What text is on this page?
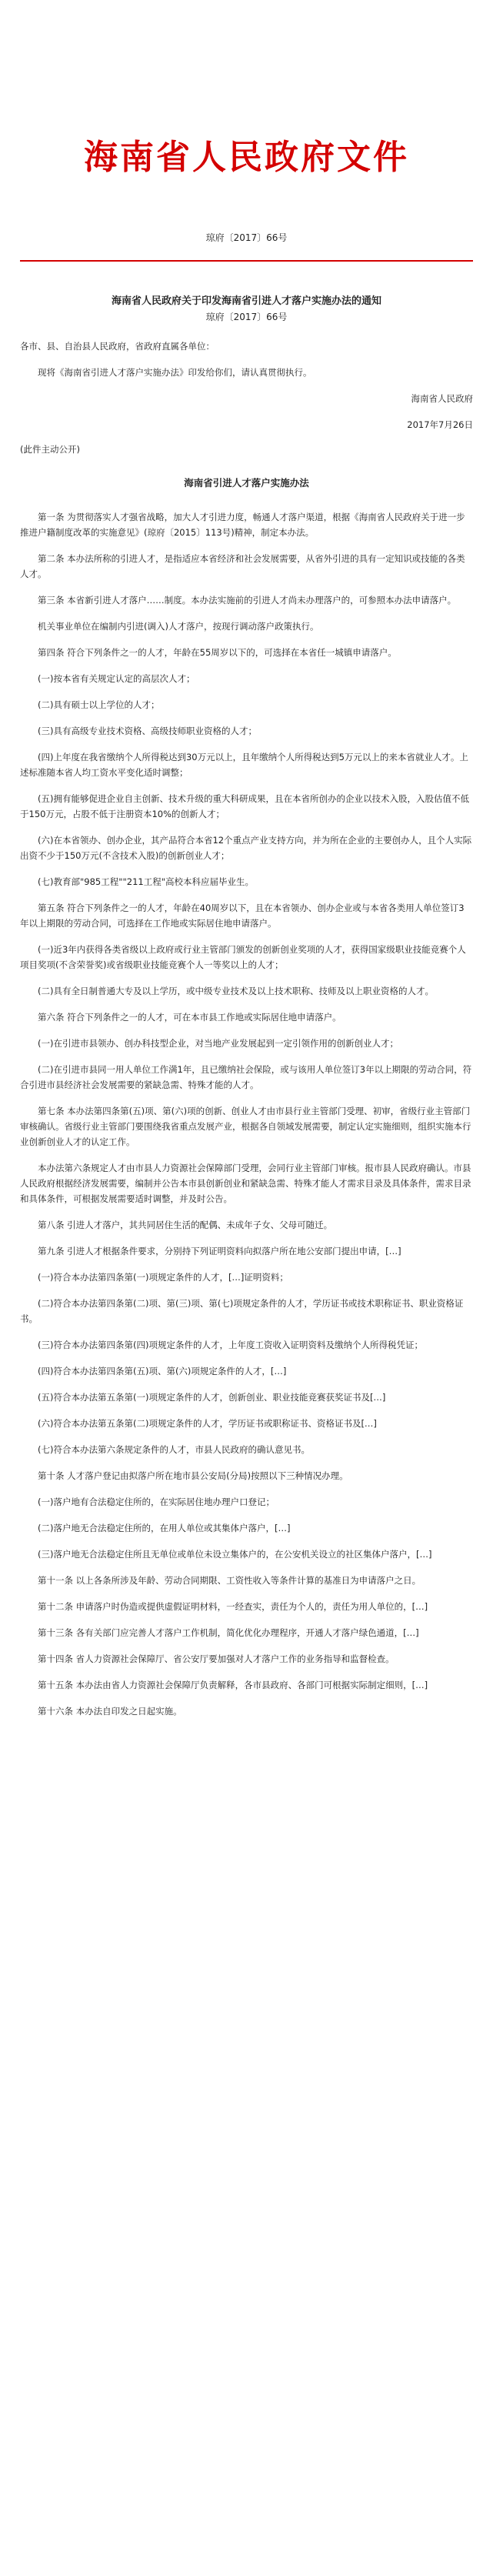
海南省人民政府文件
琼府〔2017〕66号
海南省人民政府关于印发海南省引进人才落户实施办法的通知
琼府〔2017〕66号

各市、县、自治县人民政府，省政府直属各单位：

现将《海南省引进人才落户实施办法》印发给你们，请认真贯彻执行。

海南省人民政府
2017年7月26日
(此件主动公开)
海南省引进人才落户实施办法

第一条 为贯彻落实人才强省战略，加大人才引进力度，畅通人才落户渠道，根据《海南省人民政府关于进一步推进户籍制度改革的实施意见》(琼府〔2015〕113号)精神，制定本办法。

第二条 本办法所称的引进人才，是指适应本省经济和社会发展需要，从省外引进的具有一定知识或技能的各类人才。

第三条 本省新引进人才落户……制度。本办法实施前的引进人才尚未办理落户的，可参照本办法申请落户。

机关事业单位在编制内引进(调入)人才落户，按现行调动落户政策执行。

第四条 符合下列条件之一的人才，年龄在55周岁以下的，可选择在本省任一城镇申请落户。

(一)按本省有关规定认定的高层次人才；

(二)具有硕士以上学位的人才；

(三)具有高级专业技术资格、高级技师职业资格的人才；

(四)上年度在我省缴纳个人所得税达到30万元以上，且年缴纳个人所得税达到5万元以上的来本省就业人才。上述标准随本省人均工资水平变化适时调整；

(五)拥有能够促进企业自主创新、技术升级的重大科研成果，且在本省所创办的企业以技术入股，入股估值不低于150万元，占股不低于注册资本10%的创新人才；

(六)在本省领办、创办企业，其产品符合本省12个重点产业支持方向，并为所在企业的主要创办人，且个人实际出资不少于150万元(不含技术入股)的创新创业人才；

(七)教育部"985工程""211工程"高校本科应届毕业生。

第五条 符合下列条件之一的人才，年龄在40周岁以下，且在本省领办、创办企业或与本省各类用人单位签订3年以上期限的劳动合同，可选择在工作地或实际居住地申请落户。

(一)近3年内获得各类省级以上政府或行业主管部门颁发的创新创业奖项的人才，获得国家级职业技能竞赛个人项目奖项(不含荣誉奖)或省级职业技能竞赛个人一等奖以上的人才；

(二)具有全日制普通大专及以上学历，或中级专业技术及以上技术职称、技师及以上职业资格的人才。

第六条 符合下列条件之一的人才，可在本市县工作地或实际居住地申请落户。

(一)在引进市县领办、创办科技型企业，对当地产业发展起到一定引领作用的创新创业人才；

(二)在引进市县同一用人单位工作满1年，且已缴纳社会保险，或与该用人单位签订3年以上期限的劳动合同，符合引进市县经济社会发展需要的紧缺急需、特殊才能的人才。

第七条 本办法第四条第(五)项、第(六)项的创新、创业人才由市县行业主管部门受理、初审，省级行业主管部门审核确认。省级行业主管部门要围绕我省重点发展产业，根据各自领域发展需要，制定认定实施细则，组织实施本行业创新创业人才的认定工作。

本办法第六条规定人才由市县人力资源社会保障部门受理，会同行业主管部门审核。报市县人民政府确认。市县人民政府根据经济发展需要，编制并公告本市县创新创业和紧缺急需、特殊才能人才需求目录及具体条件，需求目录和具体条件，可根据发展需要适时调整，并及时公告。

第八条 引进人才落户，其共同居住生活的配偶、未成年子女、父母可随迁。

第九条 引进人才根据条件要求，分别持下列证明资料向拟落户所在地公安部门提出申请，[…]

(一)符合本办法第四条第(一)项规定条件的人才，[…]证明资料；

(二)符合本办法第四条第(二)项、第(三)项、第(七)项规定条件的人才，学历证书或技术职称证书、职业资格证书。

(三)符合本办法第四条第(四)项规定条件的人才，上年度工资收入证明资料及缴纳个人所得税凭证；

(四)符合本办法第四条第(五)项、第(六)项规定条件的人才，[…]

(五)符合本办法第五条第(一)项规定条件的人才，创新创业、职业技能竞赛获奖证书及[…]

(六)符合本办法第五条第(二)项规定条件的人才，学历证书或职称证书、资格证书及[…]

(七)符合本办法第六条规定条件的人才，市县人民政府的确认意见书。

第十条 人才落户登记由拟落户所在地市县公安局(分局)按照以下三种情况办理。

(一)落户地有合法稳定住所的，在实际居住地办理户口登记；

(二)落户地无合法稳定住所的，在用人单位或其集体户落户，[…]

(三)落户地无合法稳定住所且无单位或单位未设立集体户的，在公安机关设立的社区集体户落户，[…]

第十一条 以上各条所涉及年龄、劳动合同期限、工资性收入等条件计算的基准日为申请落户之日。

第十二条 申请落户时伪造或提供虚假证明材料，一经查实，责任为个人的，责任为用人单位的，[…]

第十三条 各有关部门应完善人才落户工作机制，简化优化办理程序，开通人才落户绿色通道，[…]

第十四条 省人力资源社会保障厅、省公安厅要加强对人才落户工作的业务指导和监督检查。

第十五条 本办法由省人力资源社会保障厅负责解释，各市县政府、各部门可根据实际制定细则，[…]

第十六条 本办法自印发之日起实施。
